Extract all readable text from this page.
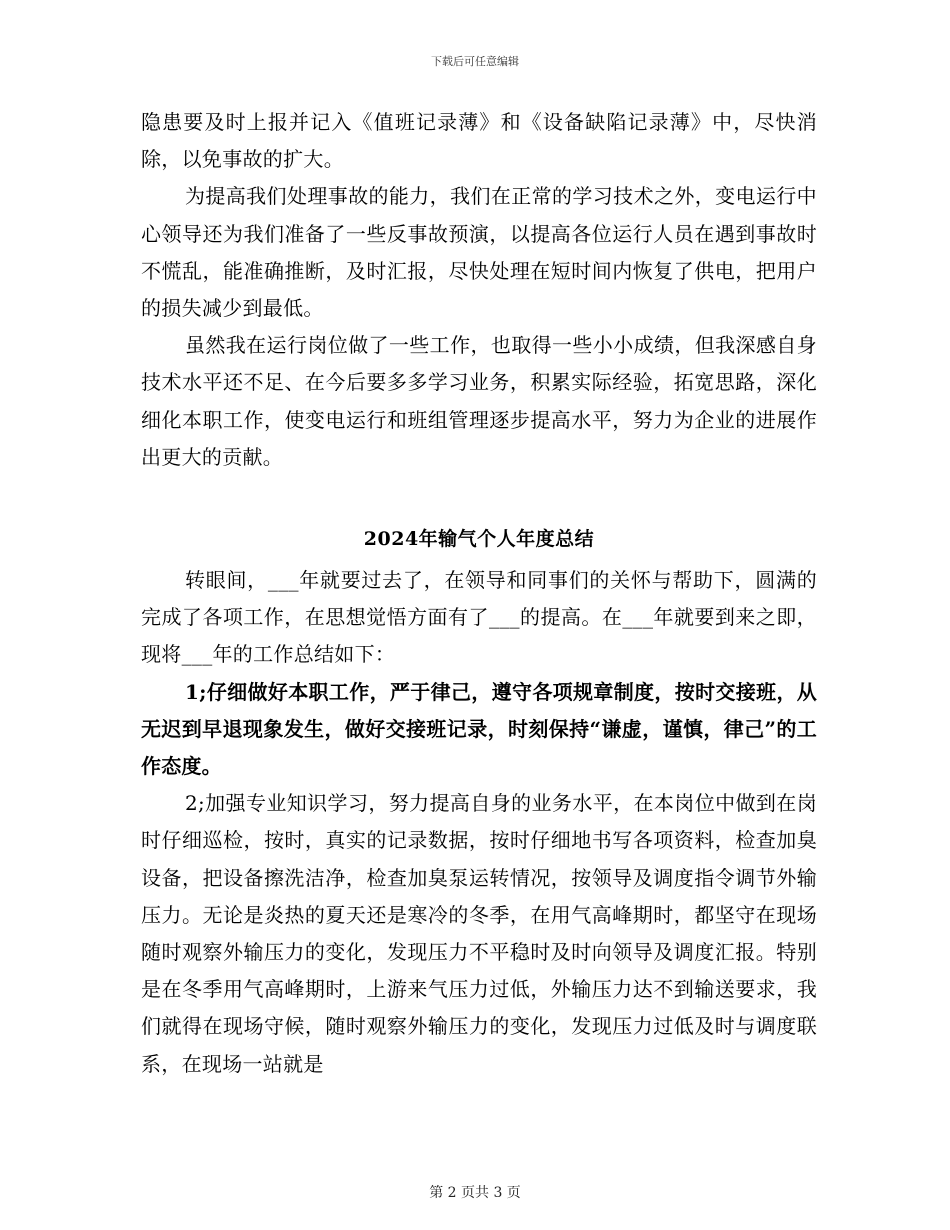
下载后可任意编辑

隐患要及时上报并记入《值班记录薄》和《设备缺陷记录薄》中，尽快消除，以免事故的扩大。

为提高我们处理事故的能力，我们在正常的学习技术之外，变电运行中心领导还为我们准备了一些反事故预演，以提高各位运行人员在遇到事故时不慌乱，能准确推断，及时汇报，尽快处理在短时间内恢复了供电，把用户的损失减少到最低。

虽然我在运行岗位做了一些工作，也取得一些小小成绩，但我深感自身技术水平还不足、在今后要多多学习业务，积累实际经验，拓宽思路，深化细化本职工作，使变电运行和班组管理逐步提高水平，努力为企业的进展作出更大的贡献。

2024年输气个人年度总结

转眼间，___年就要过去了，在领导和同事们的关怀与帮助下，圆满的完成了各项工作，在思想觉悟方面有了___的提高。在___年就要到来之即，现将___年的工作总结如下：

1;仔细做好本职工作，严于律己，遵守各项规章制度，按时交接班，从无迟到早退现象发生，做好交接班记录，时刻保持“谦虚，谨慎，律己”的工作态度。

2;加强专业知识学习，努力提高自身的业务水平，在本岗位中做到在岗时仔细巡检，按时，真实的记录数据，按时仔细地书写各项资料，检查加臭设备，把设备擦洗洁净，检查加臭泵运转情况，按领导及调度指令调节外输压力。无论是炎热的夏天还是寒冷的冬季，在用气高峰期时，都坚守在现场随时观察外输压力的变化，发现压力不平稳时及时向领导及调度汇报。特别是在冬季用气高峰期时，上游来气压力过低，外输压力达不到输送要求，我们就得在现场守候，随时观察外输压力的变化，发现压力过低及时与调度联系，在现场一站就是

第 2 页共 3 页
